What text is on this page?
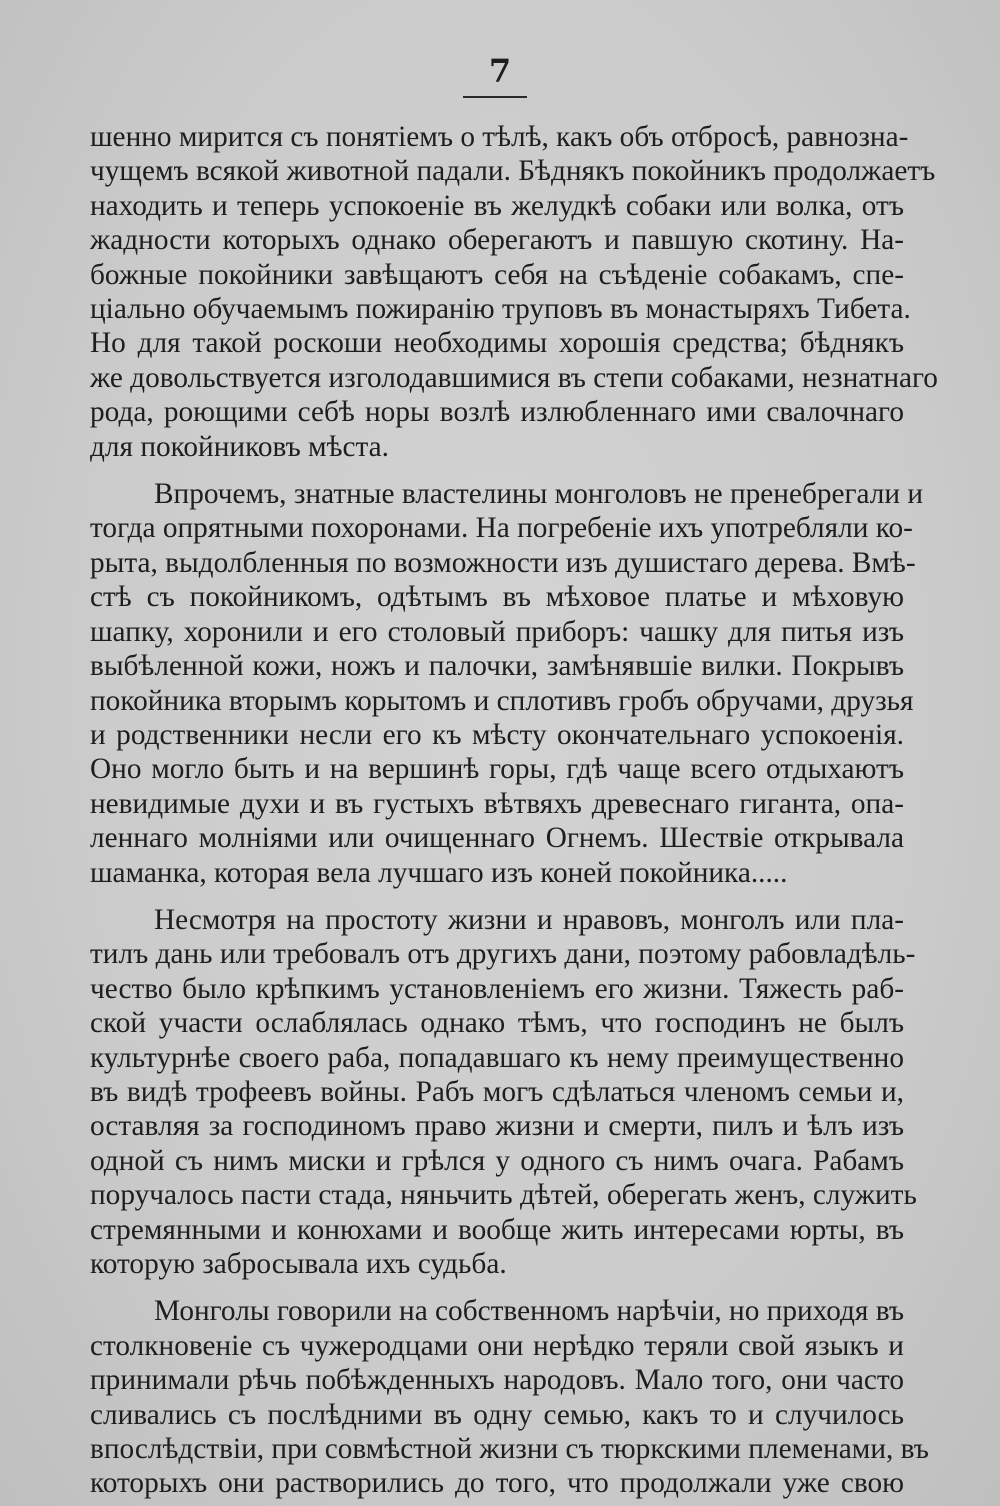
7
шенно мирится съ понятіемъ о тѣлѣ, какъ объ отбросѣ, равнозна-
чущемъ всякой животной падали. Бѣднякъ покойникъ продолжаетъ
находить и теперь успокоеніе въ желудкѣ собаки или волка, отъ
жадности которыхъ однако оберегаютъ и павшую скотину. На-
божные покойники завѣщаютъ себя на съѣденіе собакамъ, спе-
ціально обучаемымъ пожиранію труповъ въ монастыряхъ Тибета.
Но для такой роскоши необходимы хорошія средства; бѣднякъ
же довольствуется изголодавшимися въ степи собаками, незнатнаго
рода, роющими себѣ норы возлѣ излюбленнаго ими свалочнаго
для покойниковъ мѣста.
Впрочемъ, знатные властелины монголовъ не пренебрегали и
тогда опрятными похоронами. На погребеніе ихъ употребляли ко-
рыта, выдолбленныя по возможности изъ душистаго дерева. Вмѣ-
стѣ съ покойникомъ, одѣтымъ въ мѣховое платье и мѣховую
шапку, хоронили и его столовый приборъ: чашку для питья изъ
выбѣленной кожи, ножъ и палочки, замѣнявшіе вилки. Покрывъ
покойника вторымъ корытомъ и сплотивъ гробъ обручами, друзья
и родственники несли его къ мѣсту окончательнаго успокоенія.
Оно могло быть и на вершинѣ горы, гдѣ чаще всего отдыхаютъ
невидимые духи и въ густыхъ вѣтвяхъ древеснаго гиганта, опа-
леннаго молніями или очищеннаго Огнемъ. Шествіе открывала
шаманка, которая вела лучшаго изъ коней покойника.....
Несмотря на простоту жизни и нравовъ, монголъ или пла-
тилъ дань или требовалъ отъ другихъ дани, поэтому рабовладѣль-
чество было крѣпкимъ установленіемъ его жизни. Тяжесть раб-
ской участи ослаблялась однако тѣмъ, что господинъ не былъ
культурнѣе своего раба, попадавшаго къ нему преимущественно
въ видѣ трофеевъ войны. Рабъ могъ сдѣлаться членомъ семьи и,
оставляя за господиномъ право жизни и смерти, пилъ и ѣлъ изъ
одной съ нимъ миски и грѣлся у одного съ нимъ очага. Рабамъ
поручалось пасти стада, няньчить дѣтей, оберегать женъ, служить
стремянными и конюхами и вообще жить интересами юрты, въ
которую забросывала ихъ судьба.
Монголы говорили на собственномъ нарѣчіи, но приходя въ
столкновеніе съ чужеродцами они нерѣдко теряли свой языкъ и
принимали рѣчь побѣжденныхъ народовъ. Мало того, они часто
сливались съ послѣдними въ одну семью, какъ то и случилось
впослѣдствіи, при совмѣстной жизни съ тюркскими племенами, въ
которыхъ они растворились до того, что продолжали уже свою
